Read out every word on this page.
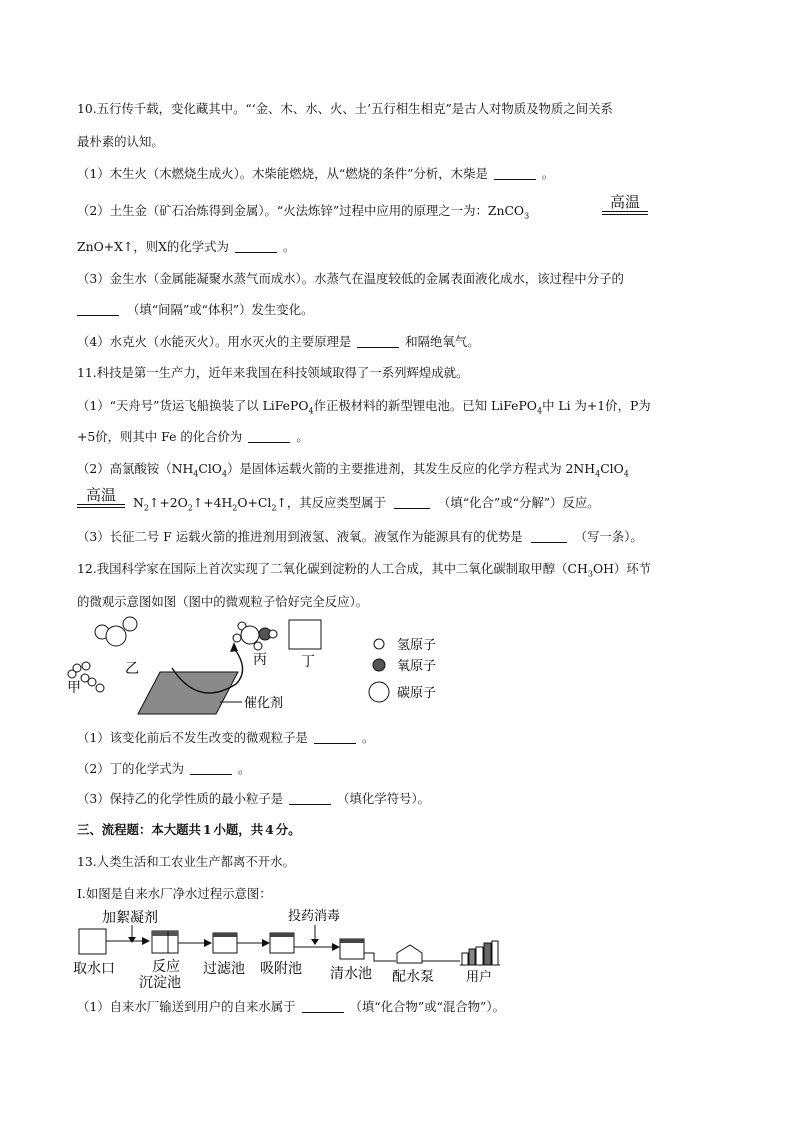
10.五行传千载，变化藏其中。“‘金、木、水、火、土’五行相生相克”是古人对物质及物质之间关系
最朴素的认知。
（1）木生火（木燃烧生成火）。木柴能燃烧，从“燃烧的条件”分析，木柴是	。
（2）土生金（矿石冶炼得到金属）。“火法炼锌”过程中应用的原理之一为：ZnCO$_3$
高温
ZnO+X↑，则X的化学式为	。
（3）金生水（金属能凝聚水蒸气而成水）。水蒸气在温度较低的金属表面液化成水，该过程中分子的
（填“间隔”或“体积”）发生变化。
（4）水克火（水能灭火）。用水灭火的主要原理是	和隔绝氧气。
11.科技是第一生产力，近年来我国在科技领域取得了一系列辉煌成就。
（1）“天舟号”货运飞船换装了以 LiFePO$_4$作正极材料的新型锂电池。已知 LiFePO$_4$中 Li 为+1价，P为
+5价，则其中 Fe 的化合价为	。
（2）高氯酸铵$(NH_4ClO_4)$是固体运载火箭的主要推进剂，其发生反应的化学方程式为 $2NH_4ClO_4$
高温	$N_2↑+2O_2↑+4H_2O+Cl_2↑$，其反应类型属于	（填“化合”或“分解”）反应。
（3）长征二号 F 运载火箭的推进剂用到液氢、液氧。液氢作为能源具有的优势是	（写一条）。
12.我国科学家在国际上首次实现了二氧化碳到淀粉的人工合成，其中二氧化碳制取甲醇$(CH_3OH)$环节
的微观示意图如图（图中的微观粒子恰好完全反应）。
乙
甲
催化剂
丙 丁
氢原子
氧原子
碳原子
（1）该变化前后不发生改变的微观粒子是	。
（2）丁的化学式为	。
（3）保持乙的化学性质的最小粒子是	（填化学符号）。
三、流程题：本大题共 1 小题，共 4 分。
13.人类生活和工农业生产都离不开水。
Ⅰ.如图是自来水厂净水过程示意图：
加絮凝剂	投药消毒
取水口	反应
沉淀池
过滤池 吸附池 清水池 配水泵 用户
（1）自来水厂输送到用户的自来水属于	（填“化合物”或“混合物”）。
